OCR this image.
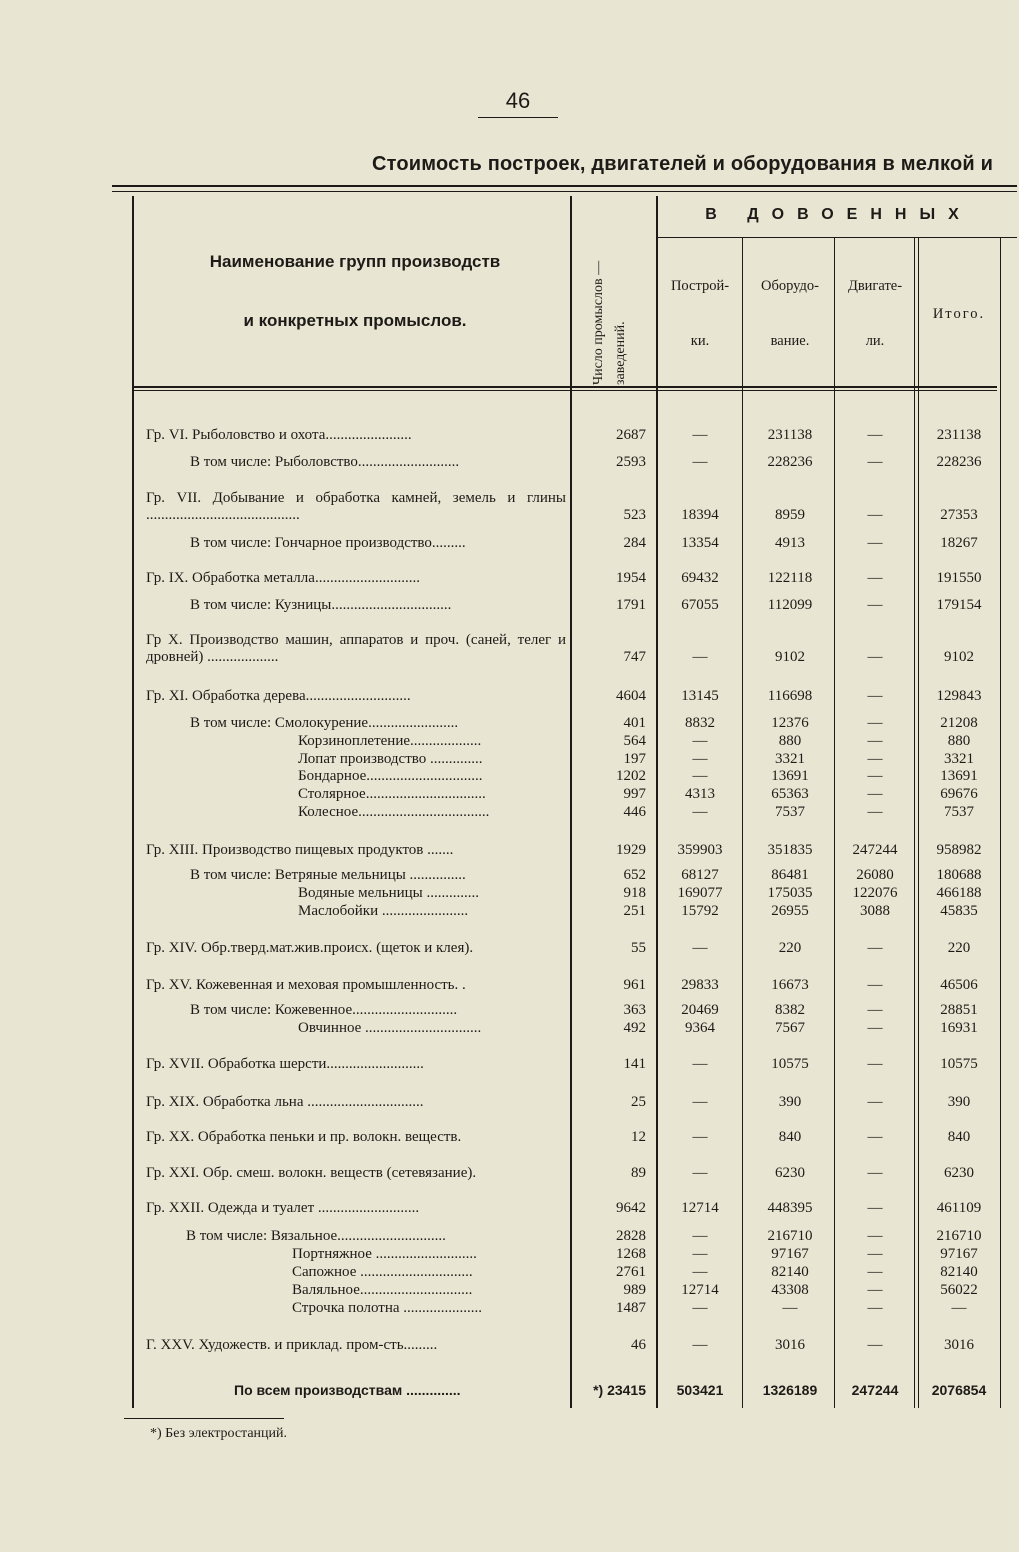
46
Стоимость построек, двигателей и оборудования в мелкой и
Наименование групп производств
и конкретных промыслов.	Число промыслов — заведений.
В ДОВОЕННЫХ
Построй-
ки.
Оборудо-
вание.
Двигате-
ли.
Итого.
Гр. VI. Рыболовство и охота.......................	2687	—	231138	—	231138
В том числе: Рыболовство...........................	2593	—	228236	—	228236
Гр. VII. Добывание и обработка камней, земель и глины .........................................	523	18394	8959	—	27353
В том числе: Гончарное производство.........	284	13354	4913	—	18267
Гр. IX. Обработка металла............................	1954	69432	122118	—	191550
В том числе: Кузницы................................	1791	67055	112099	—	179154
Гр X. Производство машин, аппаратов и проч. (саней, телег и дровней) ...................	747	—	9102	—	9102
Гр. XI. Обработка дерева............................	4604	13145	116698	—	129843
В том числе: Смолокурение........................	401	8832	12376	—	21208
Корзиноплетение...................	564	—	880	—	880
Лопат производство ..............	197	—	3321	—	3321
Бондарное...............................	1202	—	13691	—	13691
Столярное................................	997	4313	65363	—	69676
Колесное...................................	446	—	7537	—	7537
Гр. XIII. Производство пищевых продуктов .......	1929	359903	351835	247244	958982
В том числе: Ветряные мельницы ...............	652	68127	86481	26080	180688
Водяные мельницы ..............	918	169077	175035	122076	466188
Маслобойки .......................	251	15792	26955	3088	45835
Гр. XIV. Обр.тверд.мат.жив.происх. (щеток и клея).	55	—	220	—	220
Гр. XV. Кожевенная и меховая промышленность. .	961	29833	16673	—	46506
В том числе: Кожевенное............................	363	20469	8382	—	28851
Овчинное ...............................	492	9364	7567	—	16931
Гр. XVII. Обработка шерсти..........................	141	—	10575	—	10575
Гр. XIX. Обработка льна ...............................	25	—	390	—	390
Гр. XX. Обработка пеньки и пр. волокн. веществ.	12	—	840	—	840
Гр. XXI. Обр. смеш. волокн. веществ (сетевязание).	89	—	6230	—	6230
Гр. XXII. Одежда и туалет ...........................	9642	12714	448395	—	461109
В том числе: Вязальное.............................	2828	—	216710	—	216710
Портняжное ...........................	1268	—	97167	—	97167
Сапожное ..............................	2761	—	82140	—	82140
Валяльное..............................	989	12714	43308	—	56022
Строчка полотна .....................	1487	—	—	—	—
Г. XXV. Художеств. и приклад. пром-сть.........	46	—	3016	—	3016
По всем производствам ..............	*) 23415	503421	1326189	247244	2076854
*) Без электростанций.
